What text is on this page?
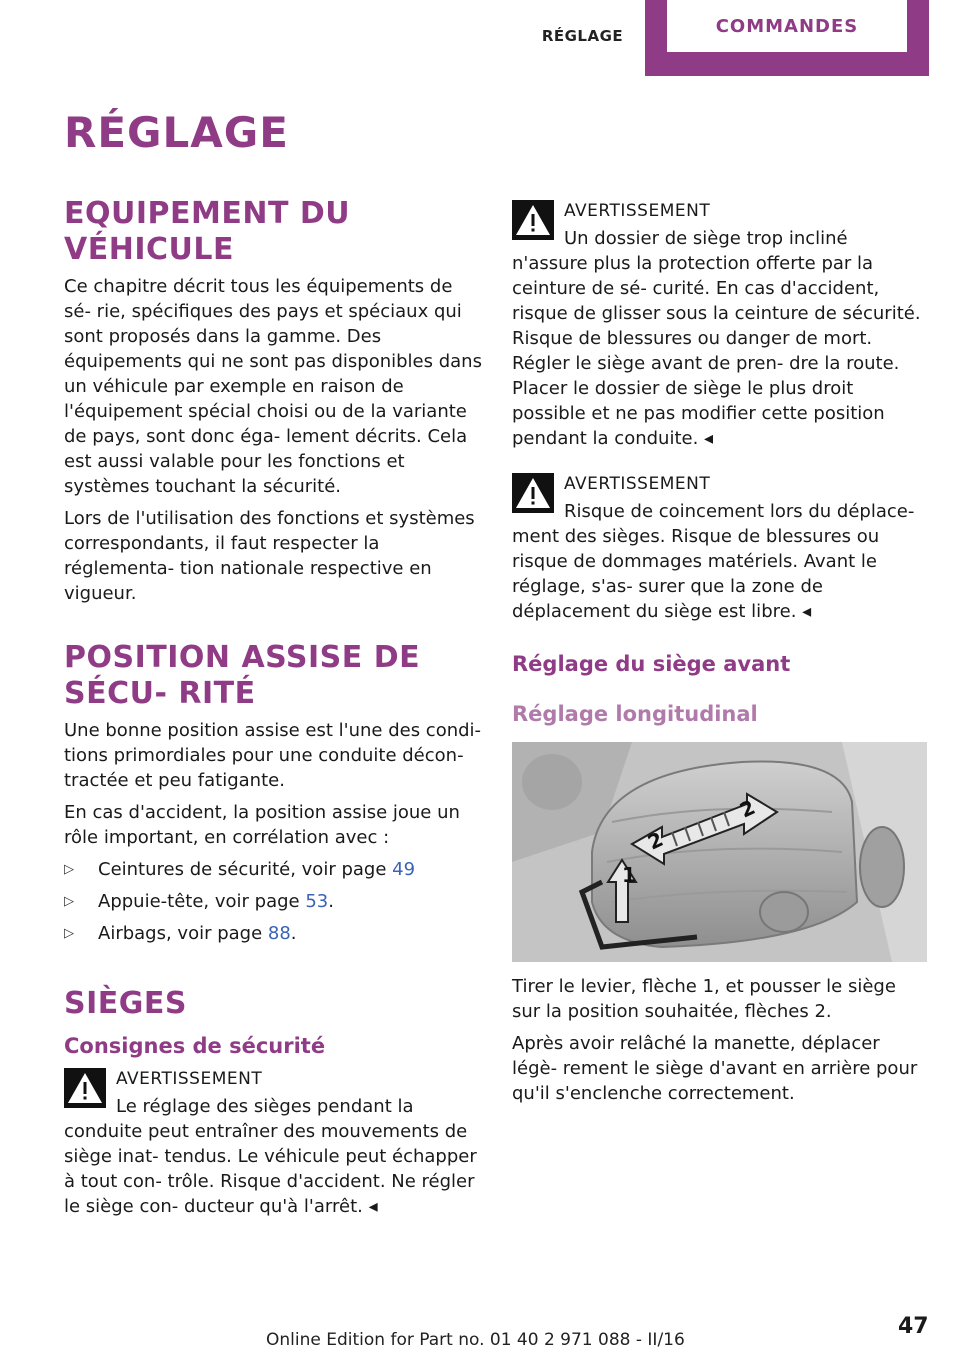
RÉGLAGE	COMMANDES
RÉGLAGE
EQUIPEMENT DU VÉHICULE

Ce chapitre décrit tous les équipements de sé- rie, spécifiques des pays et spéciaux qui sont proposés dans la gamme. Des équipements qui ne sont pas disponibles dans un véhicule par exemple en raison de l'équipement spécial choisi ou de la variante de pays, sont donc éga- lement décrits. Cela est aussi valable pour les fonctions et systèmes touchant la sécurité.

Lors de l'utilisation des fonctions et systèmes correspondants, il faut respecter la réglementa- tion nationale respective en vigueur.

POSITION ASSISE DE SÉCU- RITÉ

Une bonne position assise est l'une des condi- tions primordiales pour une conduite décon- tractée et peu fatigante.

En cas d'accident, la position assise joue un rôle important, en corrélation avec :

▷ Ceintures de sécurité, voir page 49
▷ Appuie-tête, voir page 53.
▷ Airbags, voir page 88.
SIÈGES
Consignes de sécurité
AVERTISSEMENT

Le réglage des sièges pendant la conduite peut entraîner des mouvements de siège inat- tendus. Le véhicule peut échapper à tout con- trôle. Risque d'accident. Ne régler le siège con- ducteur qu'à l'arrêt. ◂

AVERTISSEMENT

Un dossier de siège trop incliné n'assure plus la protection offerte par la ceinture de sé- curité. En cas d'accident, risque de glisser sous la ceinture de sécurité. Risque de blessures ou danger de mort. Régler le siège avant de pren- dre la route. Placer le dossier de siège le plus droit possible et ne pas modifier cette position pendant la conduite. ◂

AVERTISSEMENT

Risque de coincement lors du déplace- ment des sièges. Risque de blessures ou risque de dommages matériels. Avant le réglage, s'as- surer que la zone de déplacement du siège est libre. ◂

Réglage du siège avant
Réglage longitudinal
1
2
2

Tirer le levier, flèche 1, et pousser le siège sur la position souhaitée, flèches 2.

Après avoir relâché la manette, déplacer légè- rement le siège d'avant en arrière pour qu'il s'enclenche correctement.

Online Edition for Part no. 01 40 2 971 088 - II/16
47
